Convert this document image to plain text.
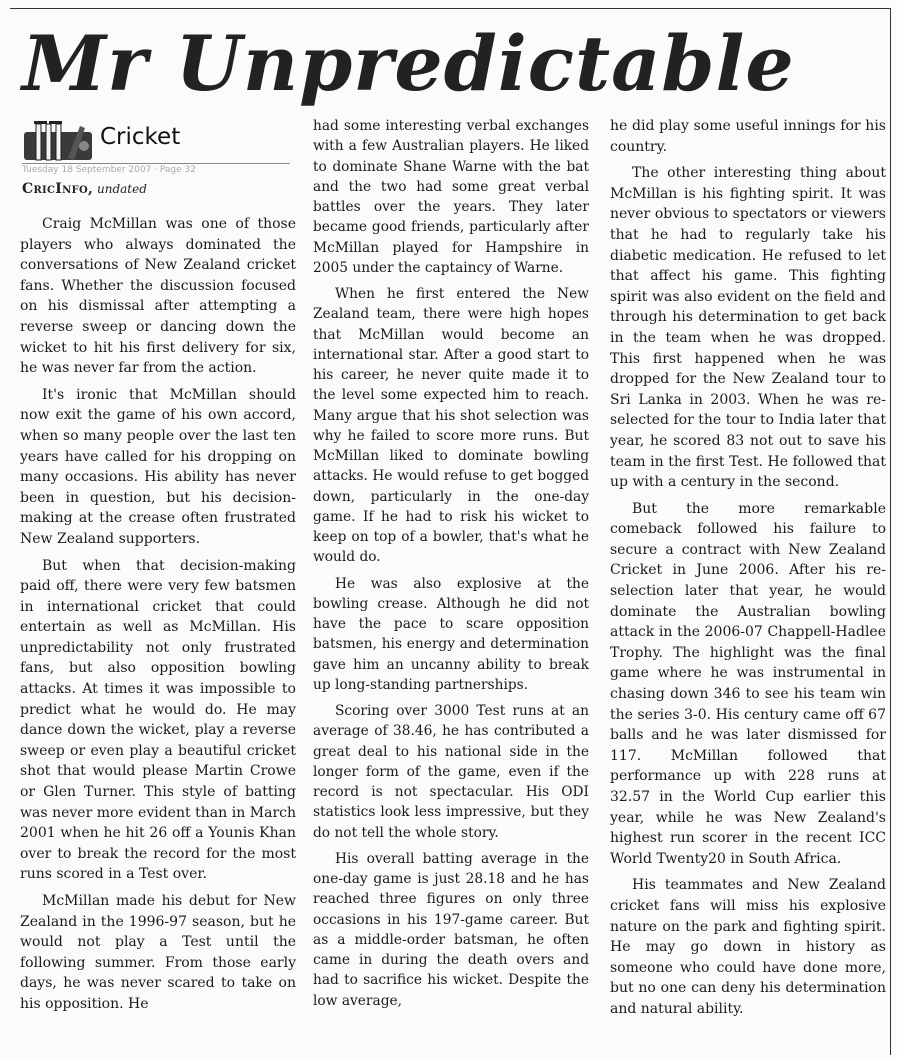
Mr Unpredictable
Cricket
Tuesday 18 September 2007 · Page 32
CricInfo, undated

Craig McMillan was one of those players who always dominated the conversations of New Zealand cricket fans. Whether the discussion focused on his dismissal after attempting a reverse sweep or dancing down the wicket to hit his first delivery for six, he was never far from the action.

It's ironic that McMillan should now exit the game of his own accord, when so many people over the last ten years have called for his dropping on many occasions. His ability has never been in question, but his decision-making at the crease often frustrated New Zealand supporters.

But when that decision-making paid off, there were very few batsmen in international cricket that could entertain as well as McMillan. His unpredictability not only frustrated fans, but also opposition bowling attacks. At times it was impossible to predict what he would do. He may dance down the wicket, play a reverse sweep or even play a beautiful cricket shot that would please Martin Crowe or Glen Turner. This style of batting was never more evident than in March 2001 when he hit 26 off a Younis Khan over to break the record for the most runs scored in a Test over.

McMillan made his debut for New Zealand in the 1996-97 season, but he would not play a Test until the following summer. From those early days, he was never scared to take on his opposition. He

had some interesting verbal exchanges with a few Australian players. He liked to dominate Shane Warne with the bat and the two had some great verbal battles over the years. They later became good friends, particularly after McMillan played for Hampshire in 2005 under the captaincy of Warne.

When he first entered the New Zealand team, there were high hopes that McMillan would become an international star. After a good start to his career, he never quite made it to the level some expected him to reach. Many argue that his shot selection was why he failed to score more runs. But McMillan liked to dominate bowling attacks. He would refuse to get bogged down, particularly in the one-day game. If he had to risk his wicket to keep on top of a bowler, that's what he would do.

He was also explosive at the bowling crease. Although he did not have the pace to scare opposition batsmen, his energy and determination gave him an uncanny ability to break up long-standing partnerships.

Scoring over 3000 Test runs at an average of 38.46, he has contributed a great deal to his national side in the longer form of the game, even if the record is not spectacular. His ODI statistics look less impressive, but they do not tell the whole story.

His overall batting average in the one-day game is just 28.18 and he has reached three figures on only three occasions in his 197-game career. But as a middle-order batsman, he often came in during the death overs and had to sacrifice his wicket. Despite the low average,

he did play some useful innings for his country.

The other interesting thing about McMillan is his fighting spirit. It was never obvious to spectators or viewers that he had to regularly take his diabetic medication. He refused to let that affect his game. This fighting spirit was also evident on the field and through his determination to get back in the team when he was dropped. This first happened when he was dropped for the New Zealand tour to Sri Lanka in 2003. When he was re-selected for the tour to India later that year, he scored 83 not out to save his team in the first Test. He followed that up with a century in the second.

But the more remarkable comeback followed his failure to secure a contract with New Zealand Cricket in June 2006. After his re-selection later that year, he would dominate the Australian bowling attack in the 2006-07 Chappell-Hadlee Trophy. The highlight was the final game where he was instrumental in chasing down 346 to see his team win the series 3-0. His century came off 67 balls and he was later dismissed for 117. McMillan followed that performance up with 228 runs at 32.57 in the World Cup earlier this year, while he was New Zealand's highest run scorer in the recent ICC World Twenty20 in South Africa.

His teammates and New Zealand cricket fans will miss his explosive nature on the park and fighting spirit. He may go down in history as someone who could have done more, but no one can deny his determination and natural ability.
